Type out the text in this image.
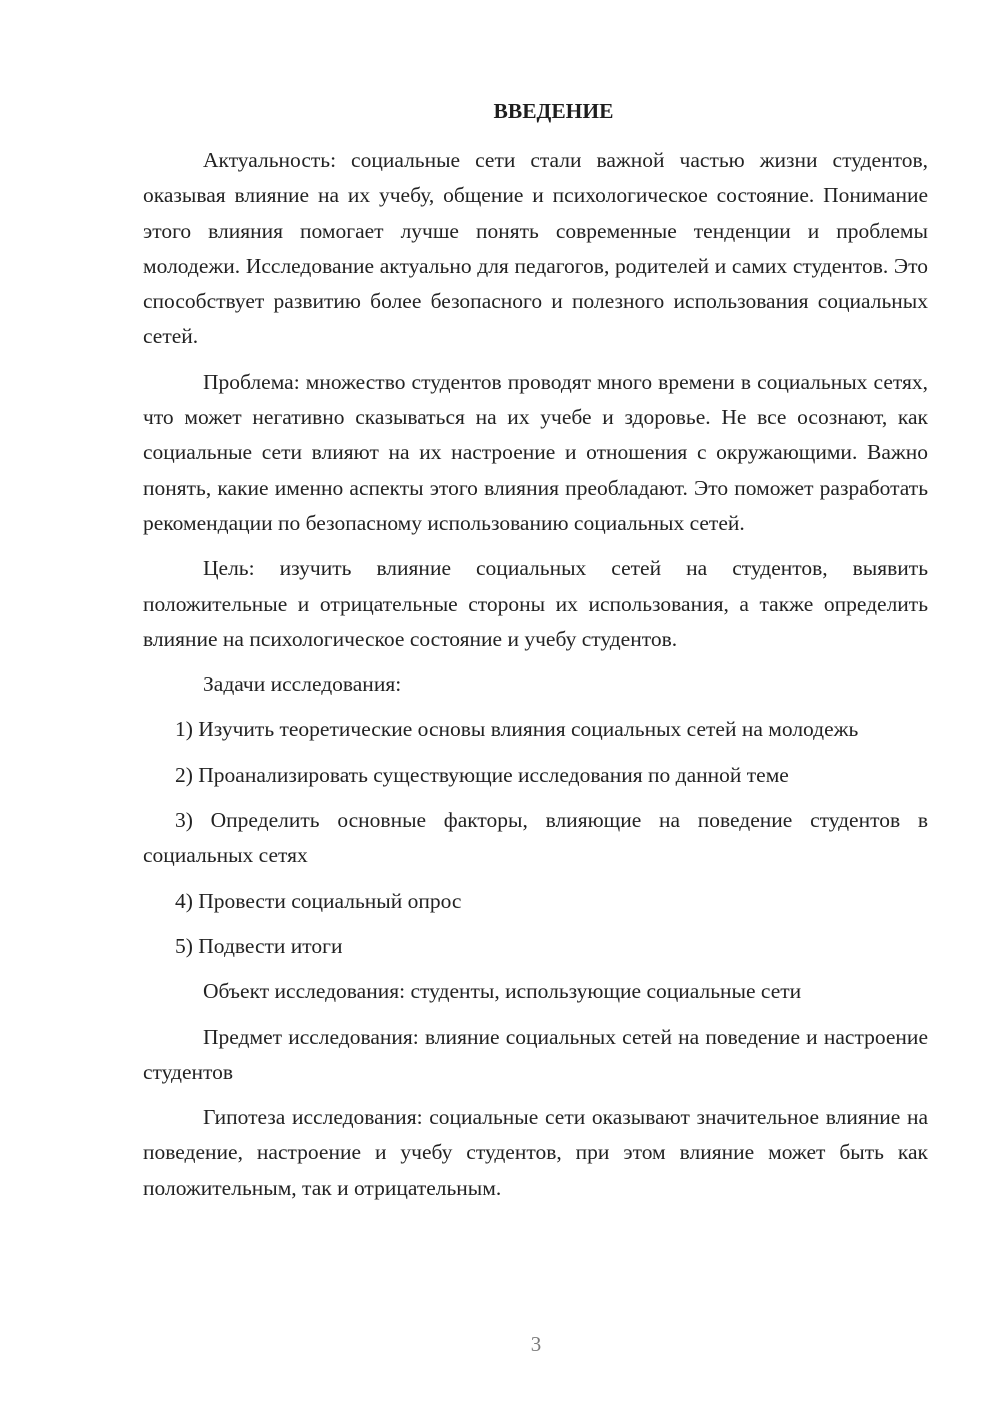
ВВЕДЕНИЕ

Актуальность: социальные сети стали важной частью жизни студентов, оказывая влияние на их учебу, общение и психологическое состояние. Понимание этого влияния помогает лучше понять современные тенденции и проблемы молодежи. Исследование актуально для педагогов, родителей и самих студентов. Это способствует развитию более безопасного и полезного использования социальных сетей.

Проблема: множество студентов проводят много времени в социальных сетях, что может негативно сказываться на их учебе и здоровье. Не все осознают, как социальные сети влияют на их настроение и отношения с окружающими. Важно понять, какие именно аспекты этого влияния преобладают. Это поможет разработать рекомендации по безопасному использованию социальных сетей.

Цель: изучить влияние социальных сетей на студентов, выявить положительные и отрицательные стороны их использования, а также определить влияние на психологическое состояние и учебу студентов.

Задачи исследования:

1) Изучить теоретические основы влияния социальных сетей на молодежь

2) Проанализировать существующие исследования по данной теме

3) Определить основные факторы, влияющие на поведение студентов в социальных сетях

4) Провести социальный опрос

5) Подвести итоги

Объект исследования: студенты, использующие социальные сети

Предмет исследования: влияние социальных сетей на поведение и настроение студентов

Гипотеза исследования: социальные сети оказывают значительное влияние на поведение, настроение и учебу студентов, при этом влияние может быть как положительным, так и отрицательным.

3
